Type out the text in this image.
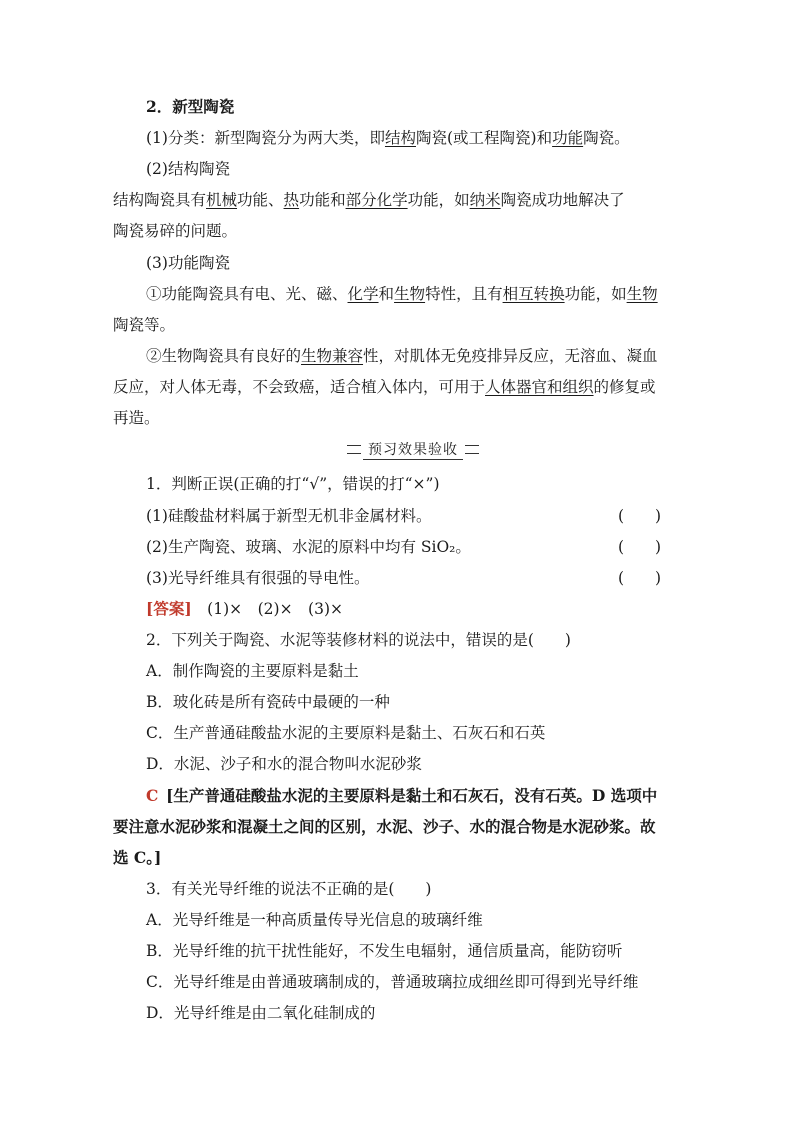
2．新型陶瓷
(1)分类：新型陶瓷分为两大类，即结构陶瓷(或工程陶瓷)和功能陶瓷。
(2)结构陶瓷
结构陶瓷具有机械功能、热功能和部分化学功能，如纳米陶瓷成功地解决了
陶瓷易碎的问题。
(3)功能陶瓷
①功能陶瓷具有电、光、磁、化学和生物特性，且有相互转换功能，如生物
陶瓷等。
②生物陶瓷具有良好的生物兼容性，对肌体无免疫排异反应，无溶血、凝血
反应，对人体无毒，不会致癌，适合植入体内，可用于人体器官和组织的修复或
再造。
预习效果验收
1．判断正误(正确的打“√”，错误的打“×”)
(1)硅酸盐材料属于新型无机非金属材料。	(　　)
(2)生产陶瓷、玻璃、水泥的原料中均有 SiO₂。	(　　)
(3)光导纤维具有很强的导电性。	(　　)
[答案]  (1)×　(2)×　(3)×
2．下列关于陶瓷、水泥等装修材料的说法中，错误的是(　　)
A．制作陶瓷的主要原料是黏土
B．玻化砖是所有瓷砖中最硬的一种
C．生产普通硅酸盐水泥的主要原料是黏土、石灰石和石英
D．水泥、沙子和水的混合物叫水泥砂浆
C  [生产普通硅酸盐水泥的主要原料是黏土和石灰石，没有石英。D 选项中
要注意水泥砂浆和混凝土之间的区别，水泥、沙子、水的混合物是水泥砂浆。故
选 C。]
3．有关光导纤维的说法不正确的是(　　)
A．光导纤维是一种高质量传导光信息的玻璃纤维
B．光导纤维的抗干扰性能好，不发生电辐射，通信质量高，能防窃听
C．光导纤维是由普通玻璃制成的，普通玻璃拉成细丝即可得到光导纤维
D．光导纤维是由二氧化硅制成的
